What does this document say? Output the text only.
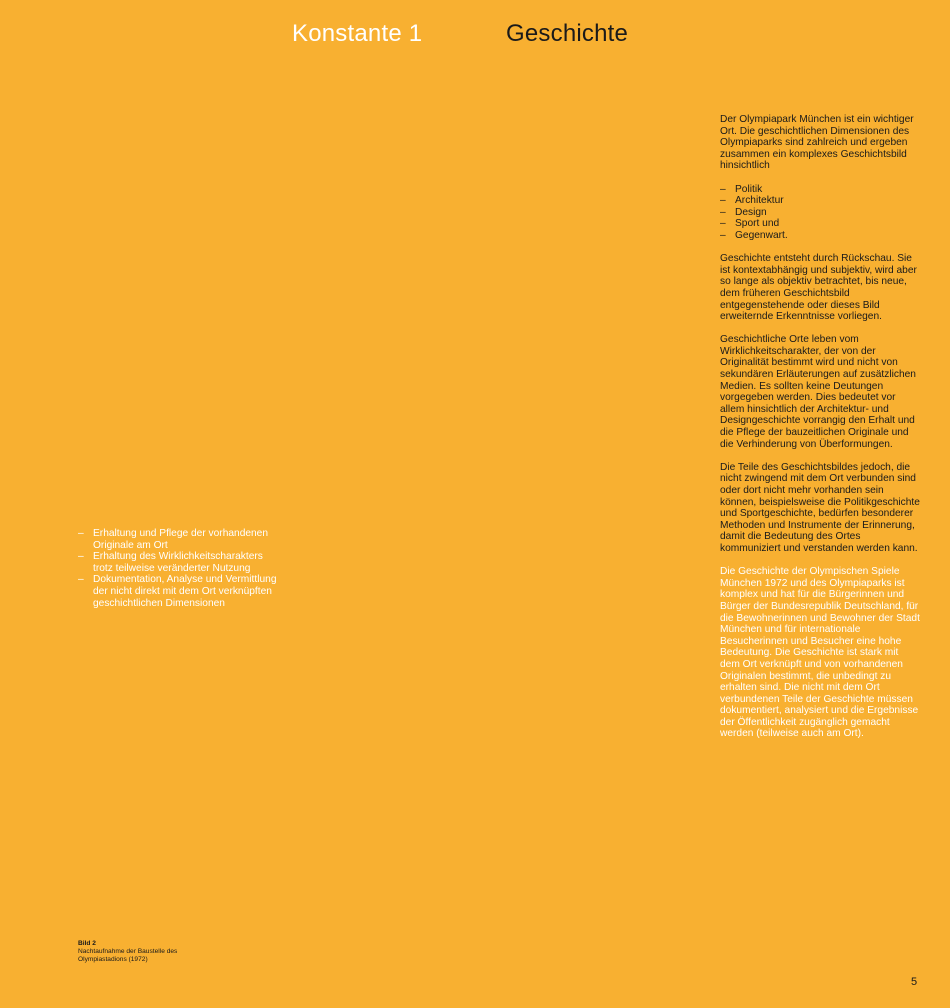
Konstante 1	Geschichte

Der Olympiapark München ist ein wichtiger Ort. Die geschichtlichen Dimensionen des Olympiaparks sind zahlreich und ergeben zusammen ein komplexes Geschichtsbild hinsichtlich

– Politik
– Architektur
– Design
– Sport und
– Gegenwart.

Geschichte entsteht durch Rückschau. Sie ist kontextabhängig und subjektiv, wird aber so lange als objektiv betrachtet, bis neue, dem früheren Geschichtsbild entgegenstehende oder dieses Bild erweiternde Erkenntnisse vorliegen.

Geschichtliche Orte leben vom Wirklichkeitscharakter, der von der Originalität bestimmt wird und nicht von sekundären Erläuterungen auf zusätzlichen Medien. Es sollten keine Deutungen vorgegeben werden. Dies bedeutet vor allem hinsichtlich der Architektur- und Designgeschichte vorrangig den Erhalt und die Pflege der bauzeitlichen Originale und die Verhinderung von Überformungen.

Die Teile des Geschichtsbildes jedoch, die nicht zwingend mit dem Ort verbunden sind oder dort nicht mehr vorhanden sein können, beispielsweise die Politikgeschichte und Sportgeschichte, bedürfen besonderer Methoden und Instrumente der Erinnerung, damit die Bedeutung des Ortes kommuniziert und verstanden werden kann.

Die Geschichte der Olympischen Spiele München 1972 und des Olympiaparks ist komplex und hat für die Bürgerinnen und Bürger der Bundesrepublik Deutschland, für die Bewohnerinnen und Bewohner der Stadt München und für internationale Besucherinnen und Besucher eine hohe Bedeutung. Die Geschichte ist stark mit dem Ort verknüpft und von vorhandenen Originalen bestimmt, die unbedingt zu erhalten sind. Die nicht mit dem Ort verbundenen Teile der Geschichte müssen dokumentiert, analysiert und die Ergebnisse der Öffentlichkeit zugänglich gemacht werden (teilweise auch am Ort).

– Erhaltung und Pflege der vorhandenen Originale am Ort
– Erhaltung des Wirklichkeitscharakters trotz teilweise veränderter Nutzung
– Dokumentation, Analyse und Vermittlung der nicht direkt mit dem Ort verknüpften geschichtlichen Dimensionen
Bild 2
Nachtaufnahme der Baustelle des Olympiastadions (1972)
5
